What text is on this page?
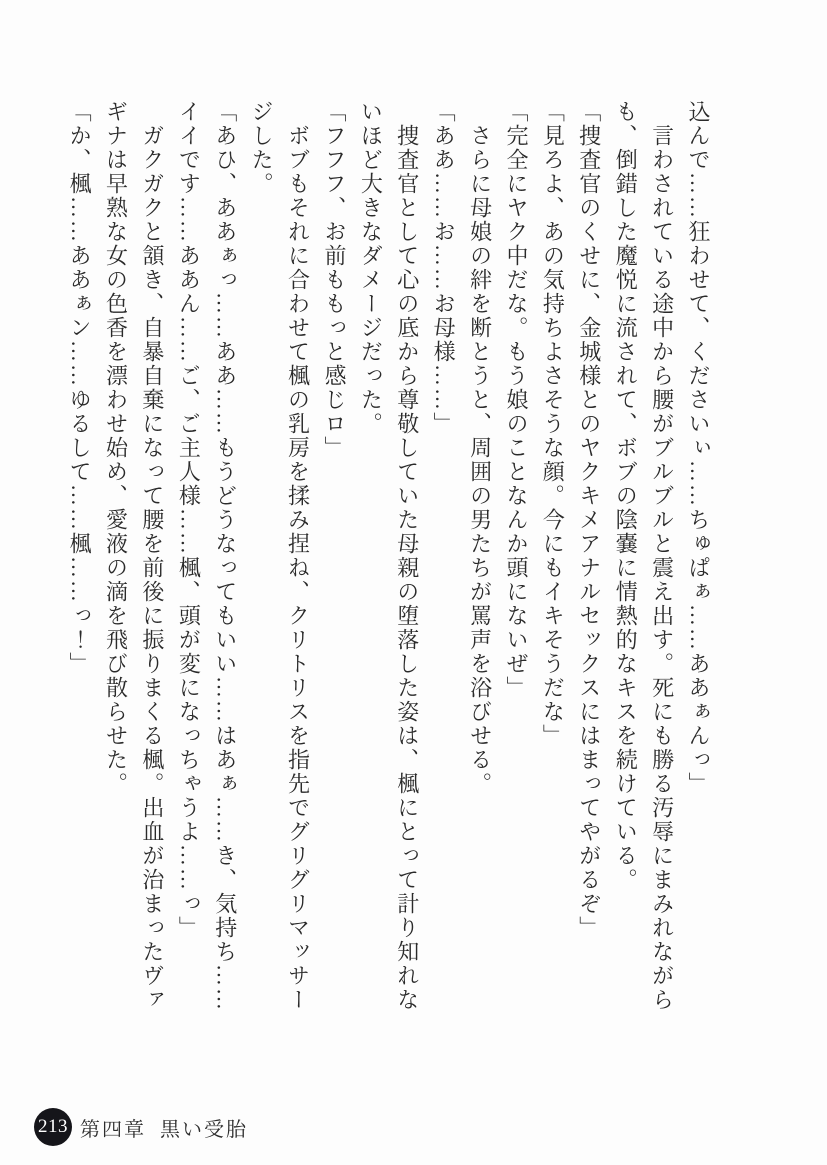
込んで……狂わせて、くださいぃ……ちゅぱぁ……ああぁんっ」

言わされている途中から腰がブルブルと震え出す。死にも勝る汚辱にまみれながら

も、倒錯した魔悦に流されて、ボブの陰嚢に情熱的なキスを続けている。

「捜査官のくせに、金城様とのヤクキメアナルセックスにはまってやがるぞ」

「見ろよ、あの気持ちよさそうな顔。今にもイキそうだな」

「完全にヤク中だな。もう娘のことなんか頭にないぜ」

さらに母娘の絆を断とうと、周囲の男たちが罵声を浴びせる。

「ああ……お……お母様……」

捜査官として心の底から尊敬していた母親の堕落した姿は、楓にとって計り知れな

いほど大きなダメージだった。

「フフフ、お前ももっと感じロ」

ボブもそれに合わせて楓の乳房を揉み捏ね、クリトリスを指先でグリグリマッサー

ジした。

「あひ、ああぁっ……ああ……もうどうなってもいい……はあぁ……き、気持ち……

イイです……ああん……ご、ご主人様……楓、頭が変になっちゃうよ……っ」

ガクガクと頷き、自暴自棄になって腰を前後に振りまくる楓。出血が治まったヴァ

ギナは早熟な女の色香を漂わせ始め、愛液の滴を飛び散らせた。

「か、楓……ああぁン……ゆるして……楓……っ！」

213 第四章 黒い受胎
